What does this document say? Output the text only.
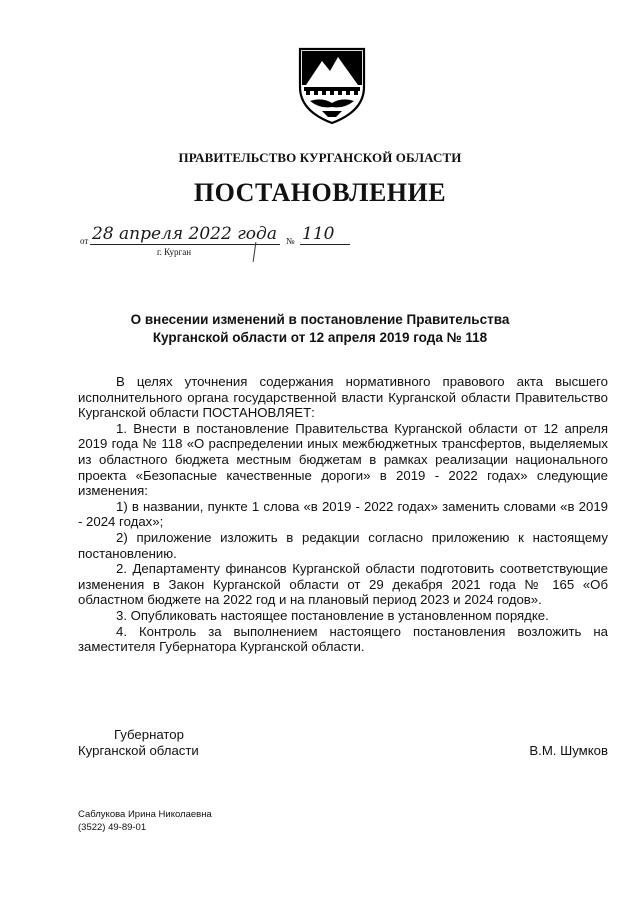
ПРАВИТЕЛЬСТВО КУРГАНСКОЙ ОБЛАСТИ
ПОСТАНОВЛЕНИЕ
от 28 апреля 2022 года № 110
г. Курган
О внесении изменений в постановление Правительства
Курганской области от 12 апреля 2019 года № 118

В целях уточнения содержания нормативного правового акта высшего исполнительного органа государственной власти Курганской области Правительство Курганской области ПОСТАНОВЛЯЕТ:

1. Внести в постановление Правительства Курганской области от 12 апреля 2019 года № 118 «О распределении иных межбюджетных трансфертов, выделяемых из областного бюджета местным бюджетам в рамках реализации национального проекта «Безопасные качественные дороги» в 2019 - 2022 годах» следующие изменения:

1) в названии, пункте 1 слова «в 2019 - 2022 годах» заменить словами «в 2019 - 2024 годах»;

2) приложение изложить в редакции согласно приложению к настоящему постановлению.

2. Департаменту финансов Курганской области подготовить соответствующие изменения в Закон Курганской области от 29 декабря 2021 года № 165 «Об областном бюджете на 2022 год и на плановый период 2023 и 2024 годов».

3. Опубликовать настоящее постановление в установленном порядке.

4. Контроль за выполнением настоящего постановления возложить на заместителя Губернатора Курганской области.

Губернатор
Курганской области	В.М. Шумков
Саблукова Ирина Николаевна
(3522) 49-89-01
